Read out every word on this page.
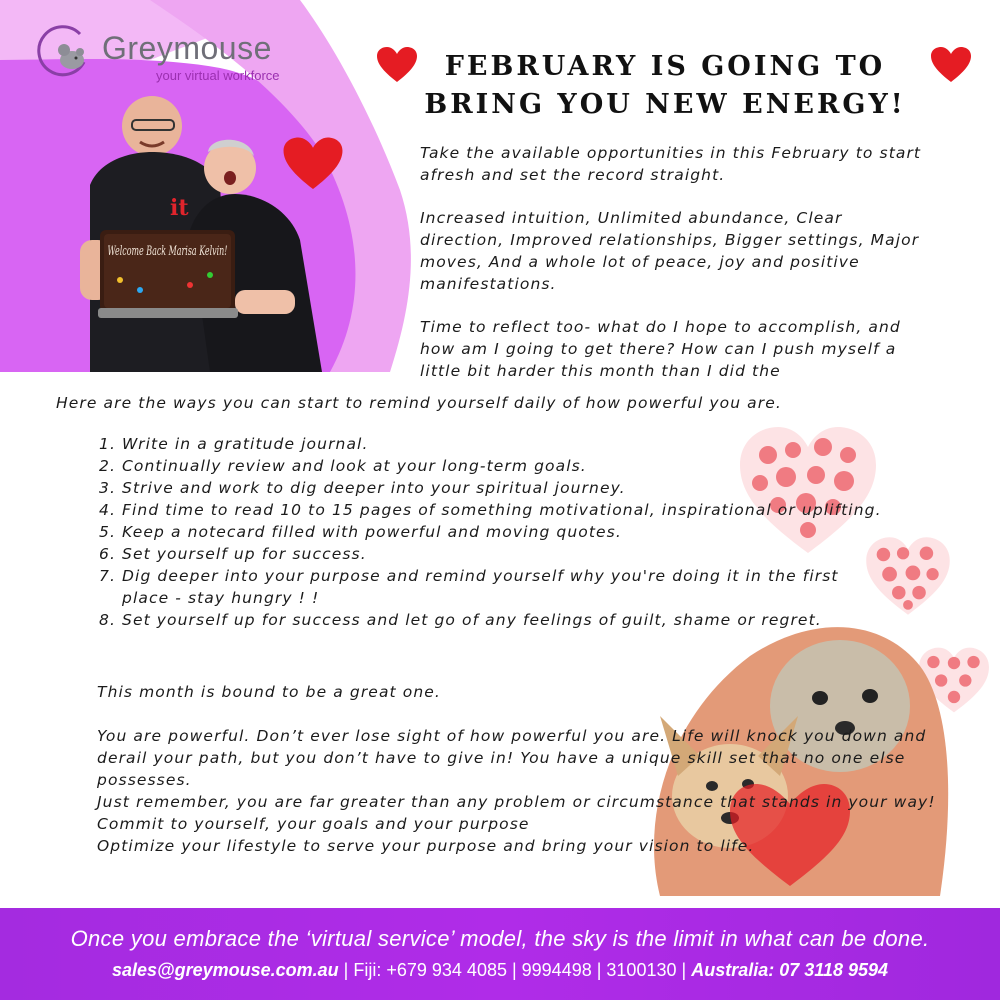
Greymouse
your virtual workforce
it
Welcome Back Marisa Kelvin!
FEBRUARY IS GOING TO
BRING YOU NEW ENERGY!

Take the available opportunities in this February to start afresh and set the record straight.

Increased intuition, Unlimited abundance, Clear direction, Improved relationships, Bigger settings, Major moves, And a whole lot of peace, joy and positive manifestations.

Time to reflect too- what do I hope to accomplish, and how am I going to get there? How can I push myself a little bit harder this month than I did the

Here are the ways you can start to remind yourself daily of how powerful you are.
1. Write in a gratitude journal.
2. Continually review and look at your long-term goals.
3. Strive and work to dig deeper into your spiritual journey.
4. Find time to read 10 to 15 pages of something motivational, inspirational or uplifting.
5. Keep a notecard filled with powerful and moving quotes.
6. Set yourself up for success.
7. Dig deeper into your purpose and remind yourself why you're doing it in the first place - stay hungry ! !
8. Set yourself up for success and let go of any feelings of guilt, shame or regret.

This month is bound to be a great one.

You are powerful. Don’t ever lose sight of how powerful you are. Life will knock you down and derail your path, but you don’t have to give in! You have a unique skill set that no one else possesses.

Just remember, you are far greater than any problem or circumstance that stands in your way!

Commit to yourself, your goals and your purpose

Optimize your lifestyle to serve your purpose and bring your vision to life.

Once you embrace the ‘virtual service’ model, the sky is the limit in what can be done.
sales@greymouse.com.au | Fiji: +679 934 4085 | 9994498 | 3100130 | Australia: 07 3118 9594
